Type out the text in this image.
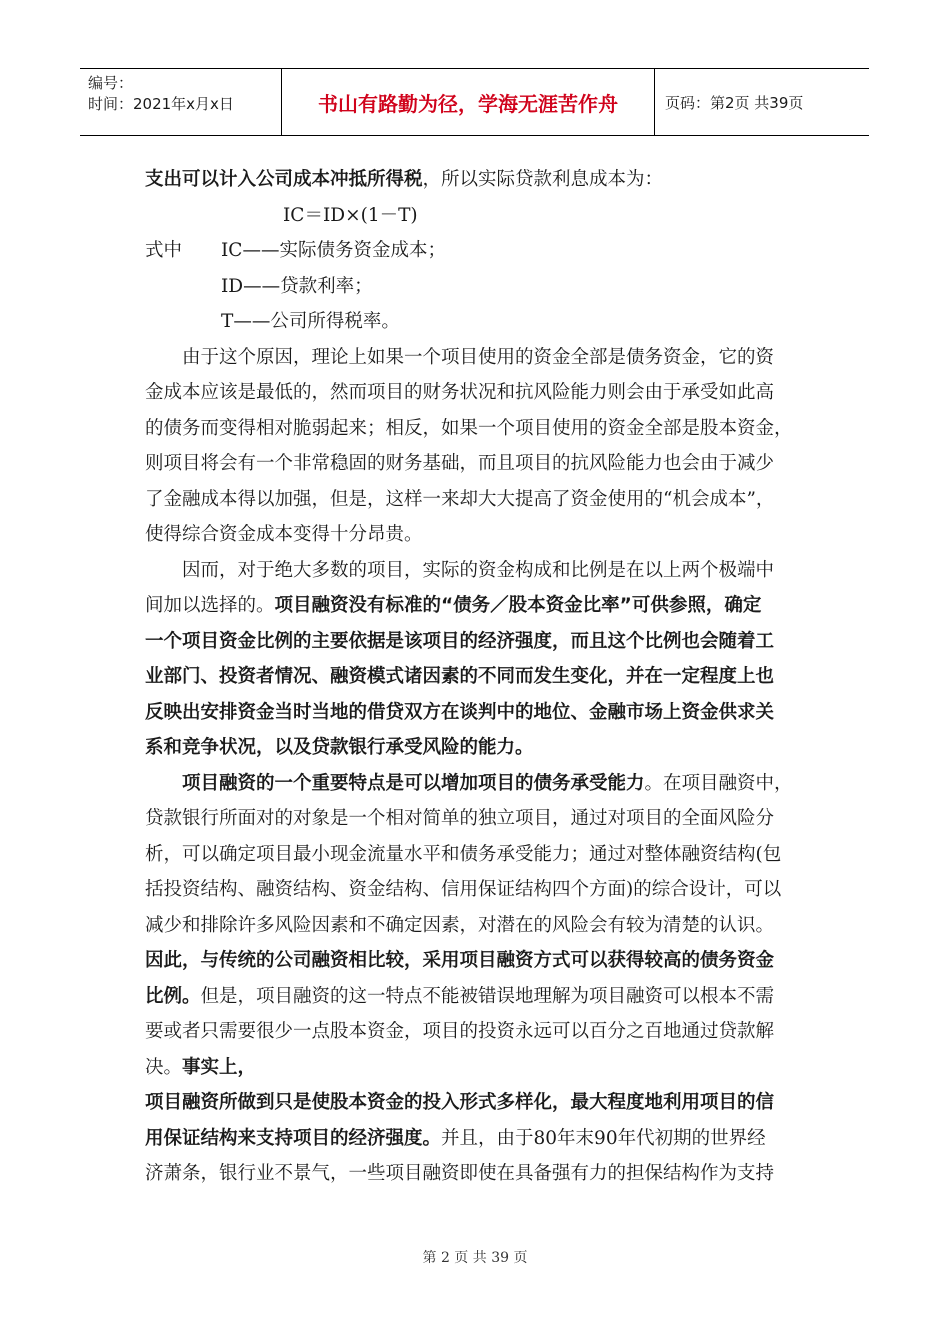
编号：
时间：2021年x月x日	书山有路勤为径，学海无涯苦作舟	页码：第2页 共39页
支出可以计入公司成本冲抵所得税，所以实际贷款利息成本为：
IC＝ID×(1－T)
式中 IC——实际债务资金成本；
ID——贷款利率；
T——公司所得税率。
由于这个原因，理论上如果一个项目使用的资金全部是债务资金，它的资
金成本应该是最低的，然而项目的财务状况和抗风险能力则会由于承受如此高
的债务而变得相对脆弱起来；相反，如果一个项目使用的资金全部是股本资金，
则项目将会有一个非常稳固的财务基础，而且项目的抗风险能力也会由于减少
了金融成本得以加强，但是，这样一来却大大提高了资金使用的“机会成本”，
使得综合资金成本变得十分昂贵。
因而，对于绝大多数的项目，实际的资金构成和比例是在以上两个极端中
间加以选择的。项目融资没有标准的“债务／股本资金比率”可供参照，确定
一个项目资金比例的主要依据是该项目的经济强度，而且这个比例也会随着工
业部门、投资者情况、融资模式诸因素的不同而发生变化，并在一定程度上也
反映出安排资金当时当地的借贷双方在谈判中的地位、金融市场上资金供求关
系和竞争状况，以及贷款银行承受风险的能力。
项目融资的一个重要特点是可以增加项目的债务承受能力。在项目融资中，
贷款银行所面对的对象是一个相对简单的独立项目，通过对项目的全面风险分
析，可以确定项目最小现金流量水平和债务承受能力；通过对整体融资结构(包
括投资结构、融资结构、资金结构、信用保证结构四个方面)的综合设计，可以
减少和排除许多风险因素和不确定因素，对潜在的风险会有较为清楚的认识。
因此，与传统的公司融资相比较，采用项目融资方式可以获得较高的债务资金
比例。但是，项目融资的这一特点不能被错误地理解为项目融资可以根本不需
要或者只需要很少一点股本资金，项目的投资永远可以百分之百地通过贷款解
决。事实上，
项目融资所做到只是使股本资金的投入形式多样化，最大程度地利用项目的信
用保证结构来支持项目的经济强度。并且，由于80年末90年代初期的世界经
济萧条，银行业不景气，一些项目融资即使在具备强有力的担保结构作为支持
第 2 页 共 39 页
